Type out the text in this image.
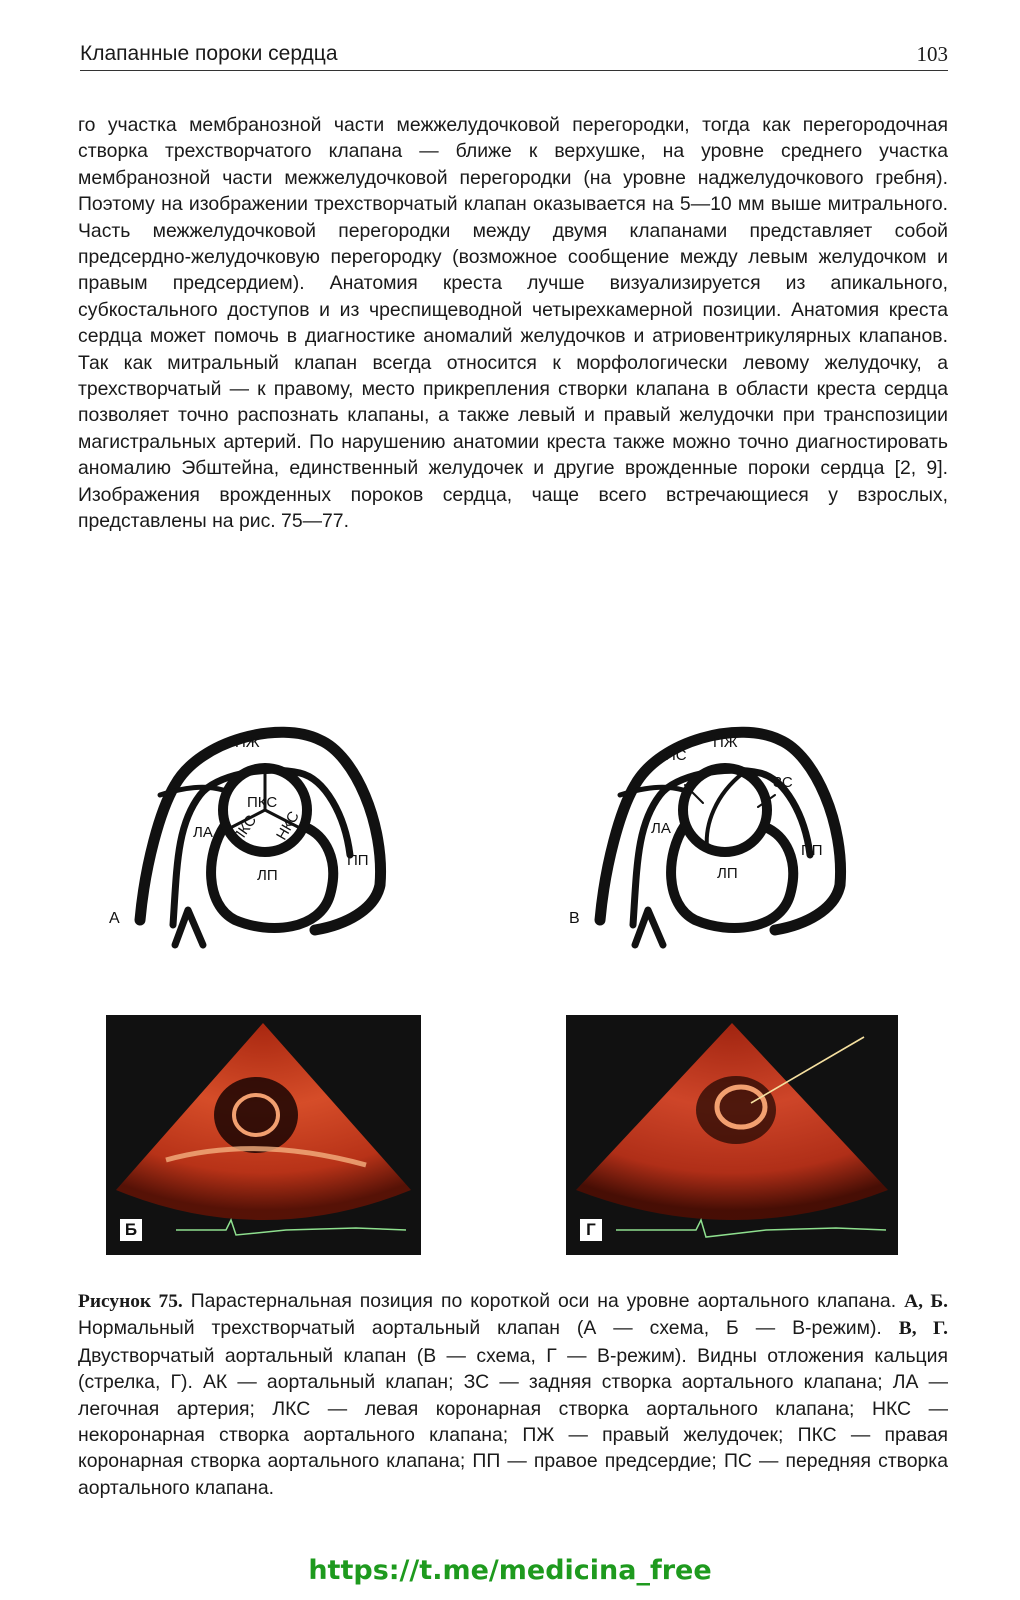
Клапанные пороки сердца	103

го участка мембранозной части межжелудочковой перегородки, тогда как перегородочная створка трехстворчатого клапана — ближе к верхушке, на уровне среднего участка мембранозной части межжелудочковой перегородки (на уровне наджелудочкового гребня). Поэтому на изображении трехстворчатый клапан оказывается на 5—10 мм выше митрального. Часть межжелудочковой перегородки между двумя клапанами представляет собой предсердно-желудочковую перегородку (возможное сообщение между левым желудочком и правым предсердием). Анатомия креста лучше визуализируется из апикального, субкостального доступов и из чреспищеводной четырехкамерной позиции. Анатомия креста сердца может помочь в диагностике аномалий желудочков и атриовентрикулярных клапанов. Так как митральный клапан всегда относится к морфологически левому желудочку, а трехстворчатый — к правому, место прикрепления створки клапана в области креста сердца позволяет точно распознать клапаны, а также левый и правый желудочки при транспозиции магистральных артерий. По нарушению анатомии креста также можно точно диагностировать аномалию Эбштейна, единственный желудочек и другие врожденные пороки сердца [2, 9]. Изображения врожденных пороков сердца, чаще всего встречающиеся у взрослых, представлены на рис. 75—77.

ПЖ
ПКС
ЛКС НКС
ЛА
ПП
ЛП
А
ПС
ПЖ
ЗС
ЛА
ПП
ЛП
В
Б	Г
Рисунок 75. Парастернальная позиция по короткой оси на уровне аортального клапана. А, Б. Нормальный трехстворчатый аортальный клапан (А — схема, Б — В-режим). В, Г. Двустворчатый аортальный клапан (В — схема, Г — В-режим). Видны отложения кальция (стрелка, Г). АК — аортальный клапан; ЗС — задняя створка аортального клапана; ЛА — легочная артерия; ЛКС — левая коронарная створка аортального клапана; НКС — некоронарная створка аортального клапана; ПЖ — правый желудочек; ПКС — правая коронарная створка аортального клапана; ПП — правое предсердие; ПС — передняя створка аортального клапана.
https://t.me/medicina_free
